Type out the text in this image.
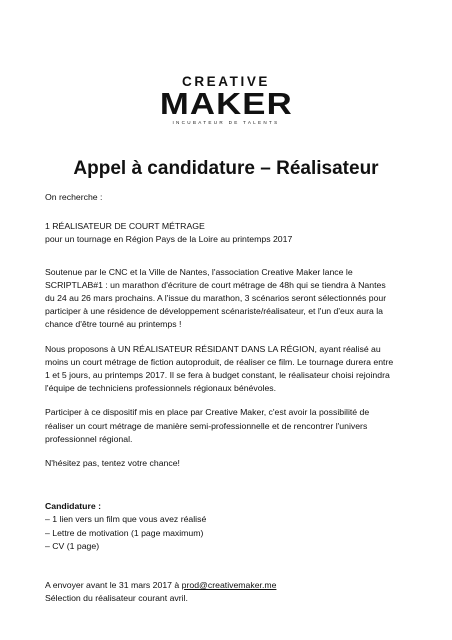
CREATIVE
MAKER
INCUBATEUR DE TALENTS
Appel à candidature – Réalisateur

On recherche :

1 RÉALISATEUR DE COURT MÉTRAGE
pour un tournage en Région Pays de la Loire au printemps 2017
Soutenue par le CNC et la Ville de Nantes, l'association Creative Maker lance le
SCRIPTLAB#1 : un marathon d'écriture de court métrage de 48h qui se tiendra à Nantes
du 24 au 26 mars prochains. A l'issue du marathon, 3 scénarios seront sélectionnés pour
participer à une résidence de développement scénariste/réalisateur, et l'un d'eux aura la
chance d'être tourné au printemps !
Nous proposons à UN RÉALISATEUR RÉSIDANT DANS LA RÉGION, ayant réalisé au
moins un court métrage de fiction autoproduit, de réaliser ce film. Le tournage durera entre
1 et 5 jours, au printemps 2017. Il se fera à budget constant, le réalisateur choisi rejoindra
l'équipe de techniciens professionnels régionaux bénévoles.
Participer à ce dispositif mis en place par Creative Maker, c'est avoir la possibilité de
réaliser un court métrage de manière semi-professionnelle et de rencontrer l'univers
professionnel régional.

N'hésitez pas, tentez votre chance!

Candidature :
– 1 lien vers un film que vous avez réalisé
– Lettre de motivation (1 page maximum)
– CV (1 page)
A envoyer avant le 31 mars 2017 à prod@creativemaker.me
Sélection du réalisateur courant avril.
